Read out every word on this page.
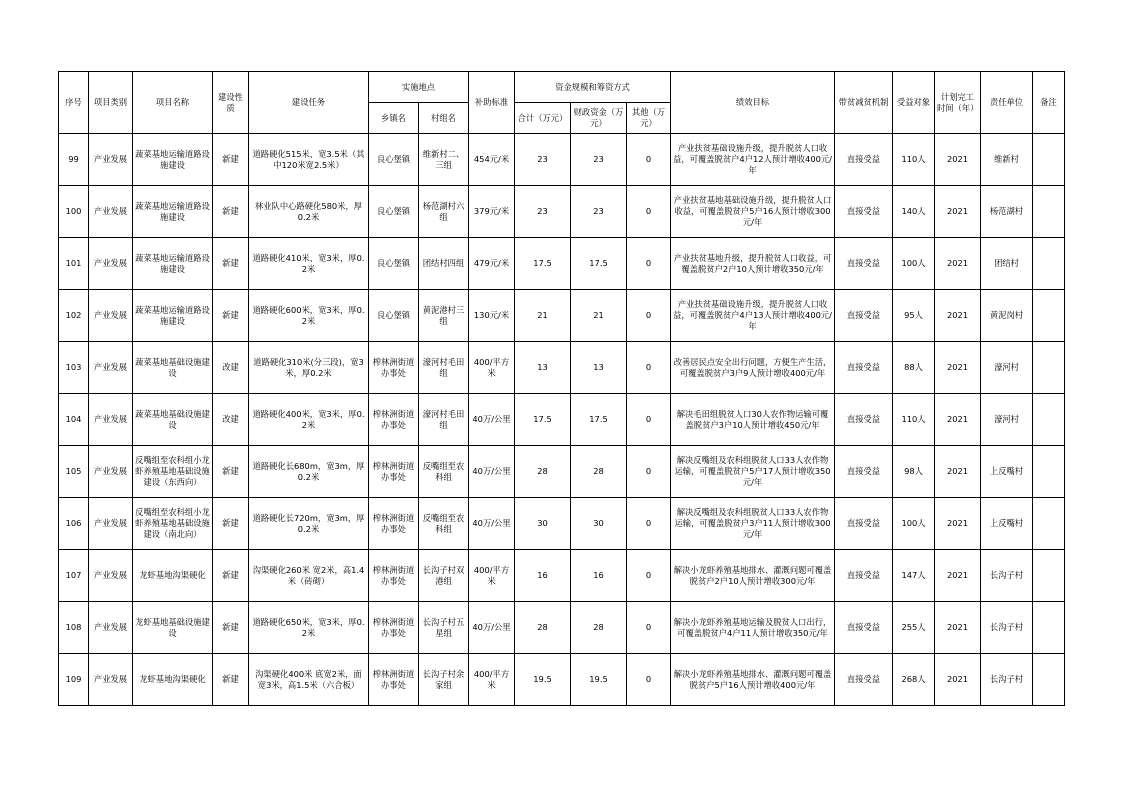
序号	项目类别	项目名称	建设性质	建设任务	实施地点		补助标准	资金规模和筹资方式			绩效目标	带贫减贫机制	受益对象	计划完工时间（年）	责任单位	备注
					乡镇名	村组名		合计（万元）	财政资金（万元）	其他（万元）						
99	产业发展	蔬菜基地运输道路设施建设	新建	道路硬化515米，宽3.5米（其中120米宽2.5米）	良心堡镇	维新村二、三组	454元/米	23	23	0	产业扶贫基础设施升级，提升脱贫人口收益，可覆盖脱贫户4户12人预计增收400元/年	直接受益	110人	2021	维新村	
100	产业发展	蔬菜基地运输道路设施建设	新建	林业队中心路硬化580米，厚0.2米	良心堡镇	杨范湖村六组	379元/米	23	23	0	产业扶贫基地基础设施升级，提升脱贫人口收益，可覆盖脱贫户5户16人预计增收300元/年	直接受益	140人	2021	杨范湖村	
101	产业发展	蔬菜基地运输道路设施建设	新建	道路硬化410米，宽3米，厚0.2米	良心堡镇	团结村四组	479元/米	17.5	17.5	0	产业扶贫基地升级，提升脱贫人口收益，可覆盖脱贫户2户10人预计增收350元/年	直接受益	100人	2021	团结村	
102	产业发展	蔬菜基地运输道路设施建设	新建	道路硬化600米，宽3米，厚0.2米	良心堡镇	黄泥港村三组	130元/米	21	21	0	产业扶贫基础设施升级，提升脱贫人口收益，可覆盖脱贫户4户13人预计增收400元/年	直接受益	95人	2021	黄泥岗村	
103	产业发展	蔬菜基地基础设施建设	改建	道路硬化310米(分三段)，宽3米，厚0.2米	榨林洲街道办事处	濠河村毛田组	400/平方米	13	13	0	改善居民点安全出行问题，方便生产生活，可覆盖脱贫户3户9人预计增收400元/年	直接受益	88人	2021	濠河村	
104	产业发展	蔬菜基地基础设施建设	改建	道路硬化400米，宽3米，厚0.2米	榨林洲街道办事处	濠河村毛田组	40万/公里	17.5	17.5	0	解决毛田组脱贫人口30人农作物运输可覆盖脱贫户3户10人预计增收450元/年	直接受益	110人	2021	濠河村	
105	产业发展	反嘴组至农科组小龙虾养殖基地基础设施建设（东西向）	新建	道路硬化长680m，宽3m，厚0.2米	榨林洲街道办事处	反嘴组至农科组	40万/公里	28	28	0	解决反嘴组及农科组脱贫人口33人农作物运输，可覆盖脱贫户5户17人预计增收350元/年	直接受益	98人	2021	上反嘴村	
106	产业发展	反嘴组至农科组小龙虾养殖基地基础设施建设（南北向）	新建	道路硬化长720m，宽3m，厚0.2米	榨林洲街道办事处	反嘴组至农科组	40万/公里	30	30	0	解决反嘴组及农科组脱贫人口33人农作物运输，可覆盖脱贫户3户11人预计增收300元/年	直接受益	100人	2021	上反嘴村	
107	产业发展	龙虾基地沟渠硬化	新建	沟渠硬化260米 宽2米，高1.4米（砖砌）	榨林洲街道办事处	长沟子村双港组	400/平方米	16	16	0	解决小龙虾养殖基地排水、灌溉问题可覆盖脱贫户2户10人预计增收300元/年	直接受益	147人	2021	长沟子村	
108	产业发展	龙虾基地基础设施建设	新建	道路硬化650米，宽3米，厚0.2米	榨林洲街道办事处	长沟子村五星组	40万/公里	28	28	0	解决小龙虾养殖基地运输及脱贫人口出行，可覆盖脱贫户4户11人预计增收350元/年	直接受益	255人	2021	长沟子村	
109	产业发展	龙虾基地沟渠硬化	新建	沟渠硬化400米 底宽2米，面宽3米，高1.5米（六合板）	榨林洲街道办事处	长沟子村余家组	400/平方米	19.5	19.5	0	解决小龙虾养殖基地排水、灌溉问题可覆盖脱贫户5户16人预计增收400元/年	直接受益	268人	2021	长沟子村	
